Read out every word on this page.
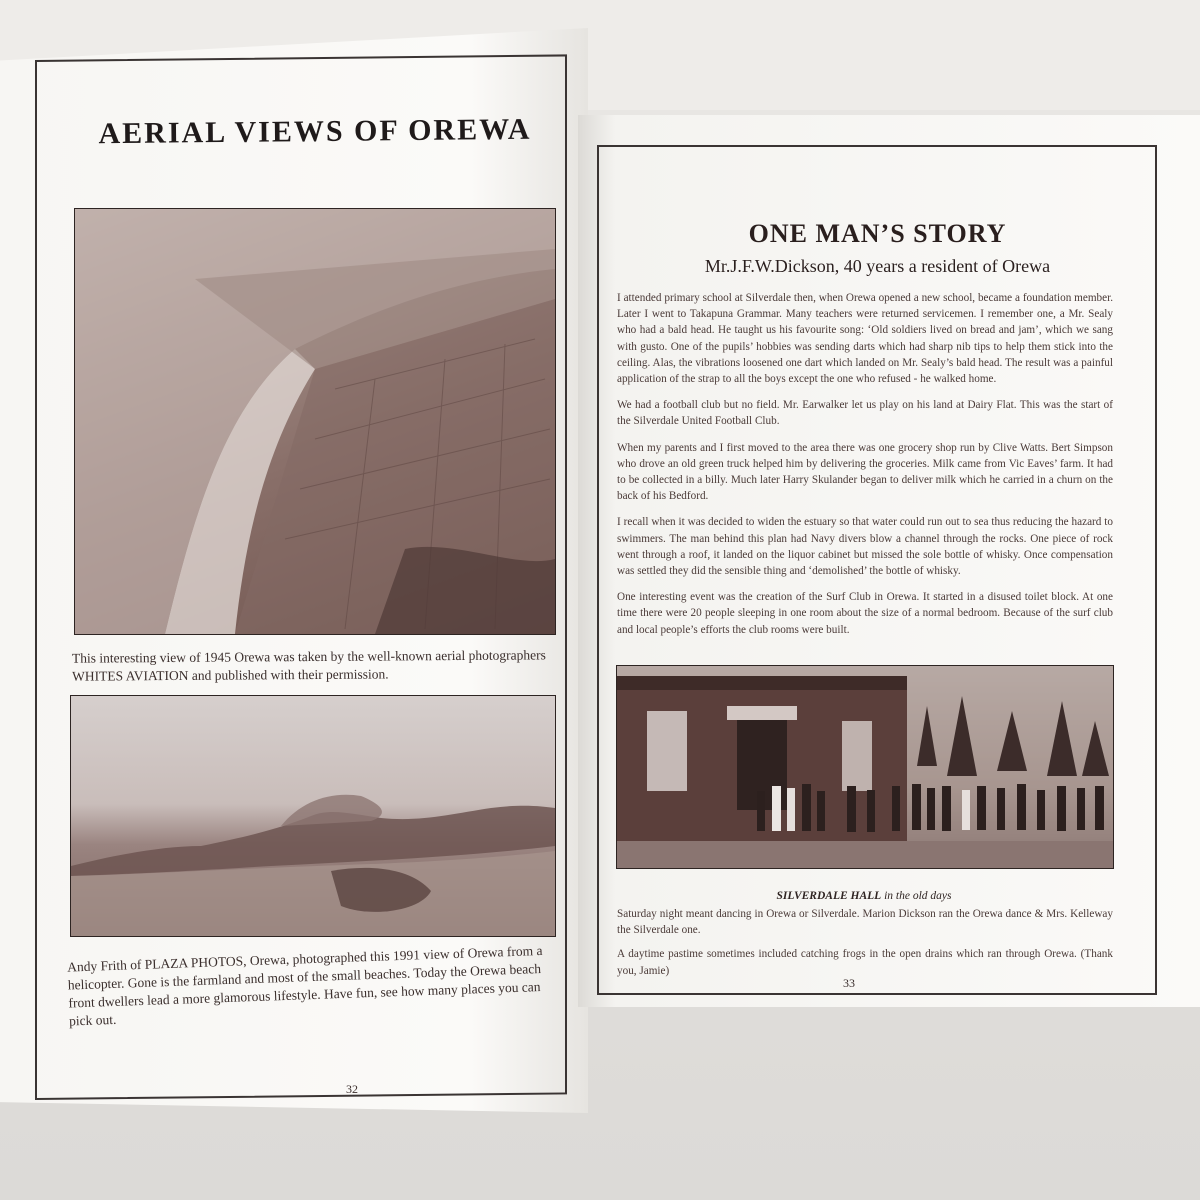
AERIAL VIEWS OF OREWA
This interesting view of 1945 Orewa was taken by the well-known aerial photographers WHITES AVIATION and published with their permission.
Andy Frith of PLAZA PHOTOS, Orewa, photographed this 1991 view of Orewa from a helicopter. Gone is the farmland and most of the small beaches. Today the Orewa beach front dwellers lead a more glamorous lifestyle. Have fun, see how many places you can pick out.
32
ONE MAN’S STORY
Mr.J.F.W.Dickson, 40 years a resident of Orewa

I attended primary school at Silverdale then, when Orewa opened a new school, became a foundation member. Later I went to Takapuna Grammar. Many teachers were returned servicemen. I remember one, a Mr. Sealy who had a bald head. He taught us his favourite song: ‘Old soldiers lived on bread and jam’, which we sang with gusto. One of the pupils’ hobbies was sending darts which had sharp nib tips to help them stick into the ceiling. Alas, the vibrations loosened one dart which landed on Mr. Sealy’s bald head. The result was a painful application of the strap to all the boys except the one who refused - he walked home.

We had a football club but no field. Mr. Earwalker let us play on his land at Dairy Flat. This was the start of the Silverdale United Football Club.

When my parents and I first moved to the area there was one grocery shop run by Clive Watts. Bert Simpson who drove an old green truck helped him by delivering the groceries. Milk came from Vic Eaves’ farm. It had to be collected in a billy. Much later Harry Skulander began to deliver milk which he carried in a churn on the back of his Bedford.

I recall when it was decided to widen the estuary so that water could run out to sea thus reducing the hazard to swimmers. The man behind this plan had Navy divers blow a channel through the rocks. One piece of rock went through a roof, it landed on the liquor cabinet but missed the sole bottle of whisky. Once compensation was settled they did the sensible thing and ‘demolished’ the bottle of whisky.

One interesting event was the creation of the Surf Club in Orewa. It started in a disused toilet block. At one time there were 20 people sleeping in one room about the size of a normal bedroom. Because of the surf club and local people’s efforts the club rooms were built.

SILVERDALE HALL in the old days

Saturday night meant dancing in Orewa or Silverdale. Marion Dickson ran the Orewa dance & Mrs. Kelleway the Silverdale one.

A daytime pastime sometimes included catching frogs in the open drains which ran through Orewa. (Thank you, Jamie)

33
